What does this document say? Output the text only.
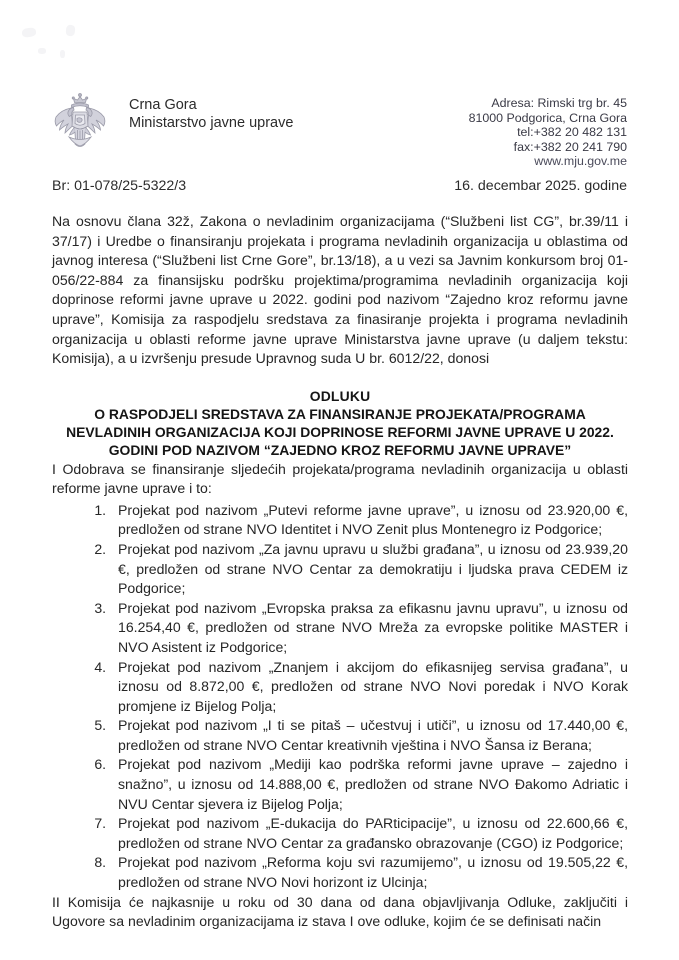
Crna Gora
Ministarstvo javne uprave
Adresa: Rimski trg br. 45
81000 Podgorica, Crna Gora
tel:+382 20 482 131
fax:+382 20 241 790
www.mju.gov.me
Br: 01-078/25-5322/3	16. decembar 2025. godine

Na osnovu člana 32ž, Zakona o nevladinim organizacijama (“Službeni list CG”, br.39/11 i 37/17) i Uredbe o finansiranju projekata i programa nevladinih organizacija u oblastima od javnog interesa (“Službeni list Crne Gore”, br.13/18), a u vezi sa Javnim konkursom broj 01-056/22-884 za finansijsku podršku projektima/programima nevladinih organizacija koji doprinose reformi javne uprave u 2022. godini pod nazivom “Zajedno kroz reformu javne uprave”, Komisija za raspodjelu sredstava za finasiranje projekta i programa nevladinih organizacija u oblasti reforme javne uprave Ministarstva javne uprave (u daljem tekstu: Komisija), a u izvršenju presude Upravnog suda U br. 6012/22, donosi

ODLUKU
O RASPODJELI SREDSTAVA ZA FINANSIRANJE PROJEKATA/PROGRAMA NEVLADINIH ORGANIZACIJA KOJI DOPRINOSE REFORMI JAVNE UPRAVE U 2022. GODINI POD NAZIVOM “ZAJEDNO KROZ REFORMU JAVNE UPRAVE”

I Odobrava se finansiranje sljedećih projekata/programa nevladinih organizacija u oblasti reforme javne uprave i to:

1. Projekat pod nazivom „Putevi reforme javne uprave”, u iznosu od 23.920,00 €, predložen od strane NVO Identitet i NVO Zenit plus Montenegro iz Podgorice;
2. Projekat pod nazivom „Za javnu upravu u službi građana”, u iznosu od 23.939,20 €, predložen od strane NVO Centar za demokratiju i ljudska prava CEDEM iz Podgorice;
3. Projekat pod nazivom „Evropska praksa za efikasnu javnu upravu”, u iznosu od 16.254,40 €, predložen od strane NVO Mreža za evropske politike MASTER i NVO Asistent iz Podgorice;
4. Projekat pod nazivom „Znanjem i akcijom do efikasnijeg servisa građana”, u iznosu od 8.872,00 €, predložen od strane NVO Novi poredak i NVO Korak promjene iz Bijelog Polja;
5. Projekat pod nazivom „I ti se pitaš – učestvuj i utiči”, u iznosu od 17.440,00 €, predložen od strane NVO Centar kreativnih vještina i NVO Šansa iz Berana;
6. Projekat pod nazivom „Mediji kao podrška reformi javne uprave – zajedno i snažno”, u iznosu od 14.888,00 €, predložen od strane NVO Đakomo Adriatic i NVU Centar sjevera iz Bijelog Polja;
7. Projekat pod nazivom „E-dukacija do PARticipacije”, u iznosu od 22.600,66 €, predložen od strane NVO Centar za građansko obrazovanje (CGO) iz Podgorice;
8. Projekat pod nazivom „Reforma koju svi razumijemo”, u iznosu od 19.505,22 €, predložen od strane NVO Novi horizont iz Ulcinja;

II Komisija će najkasnije u roku od 30 dana od dana objavljivanja Odluke, zaključiti i Ugovore sa nevladinim organizacijama iz stava I ove odluke, kojim će se definisati način
